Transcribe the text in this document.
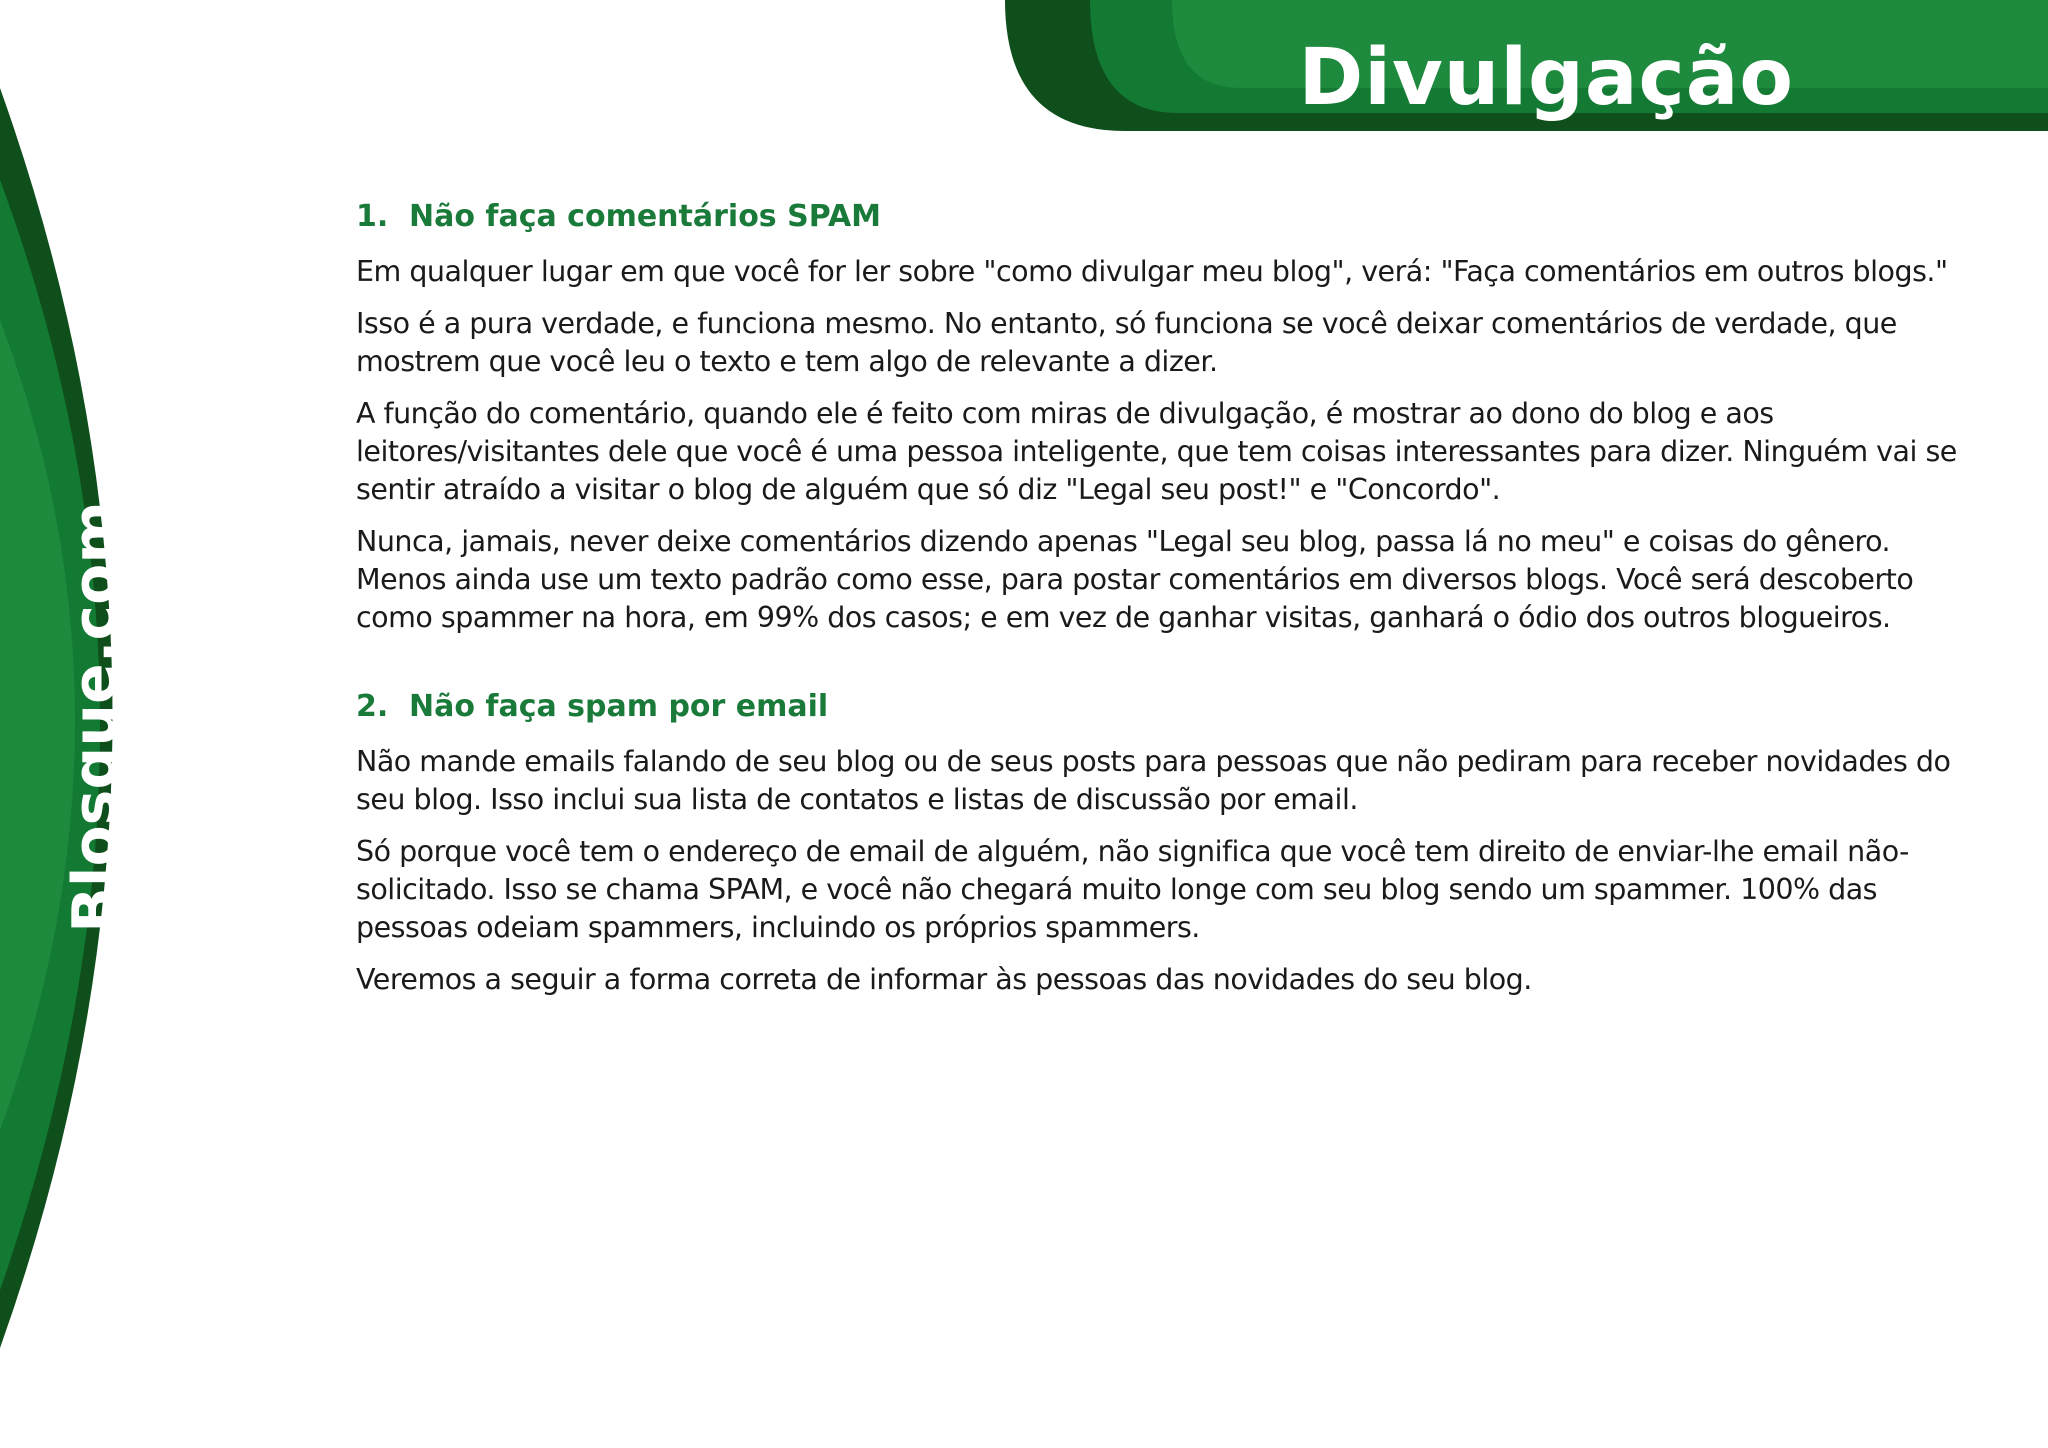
Divulgação
Blosque.com
1. Não faça comentários SPAM

Em qualquer lugar em que você for ler sobre "como divulgar meu blog", verá: "Faça comentários em outros blogs."

Isso é a pura verdade, e funciona mesmo. No entanto, só funciona se você deixar comentários de verdade, que mostrem que você leu o texto e tem algo de relevante a dizer.

A função do comentário, quando ele é feito com miras de divulgação, é mostrar ao dono do blog e aos leitores/visitantes dele que você é uma pessoa inteligente, que tem coisas interessantes para dizer. Ninguém vai se sentir atraído a visitar o blog de alguém que só diz "Legal seu post!" e "Concordo".

Nunca, jamais, never deixe comentários dizendo apenas "Legal seu blog, passa lá no meu" e coisas do gênero. Menos ainda use um texto padrão como esse, para postar comentários em diversos blogs. Você será descoberto como spammer na hora, em 99% dos casos; e em vez de ganhar visitas, ganhará o ódio dos outros blogueiros.

2. Não faça spam por email

Não mande emails falando de seu blog ou de seus posts para pessoas que não pediram para receber novidades do seu blog. Isso inclui sua lista de contatos e listas de discussão por email.

Só porque você tem o endereço de email de alguém, não significa que você tem direito de enviar-lhe email não-solicitado. Isso se chama SPAM, e você não chegará muito longe com seu blog sendo um spammer. 100% das pessoas odeiam spammers, incluindo os próprios spammers.

Veremos a seguir a forma correta de informar às pessoas das novidades do seu blog.
